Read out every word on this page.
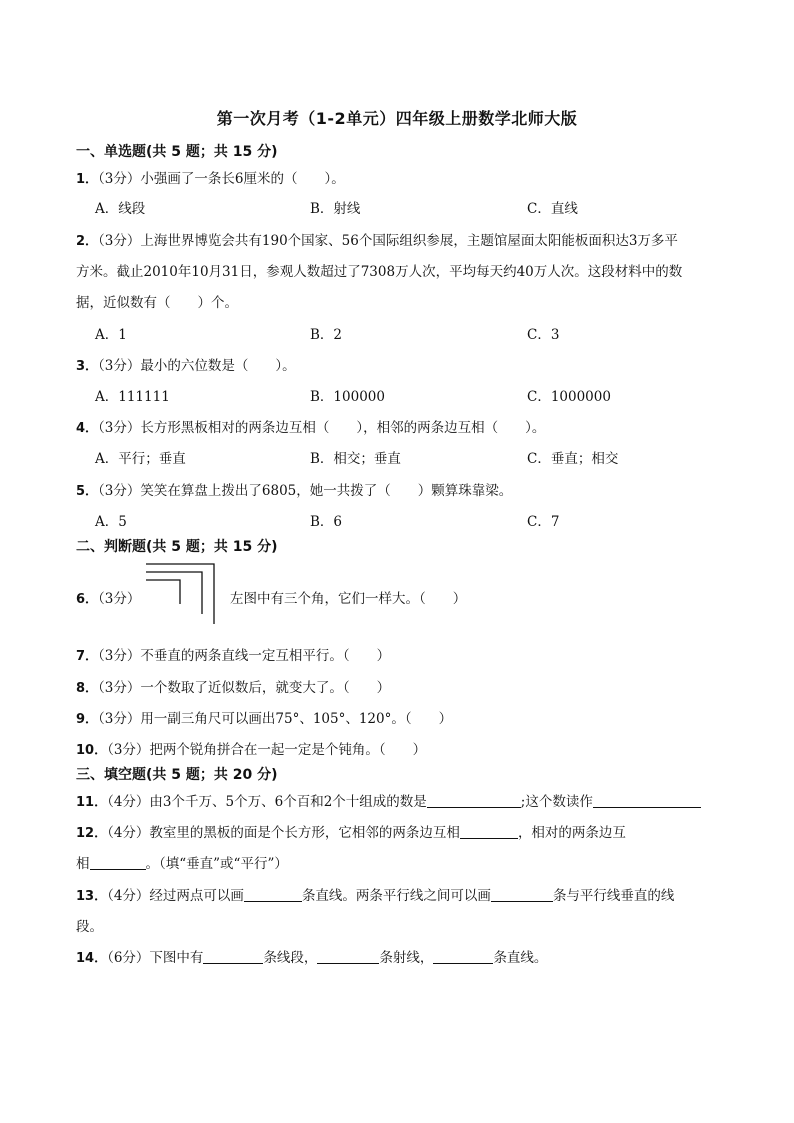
第一次月考（1-2单元）四年级上册数学北师大版
一、单选题(共 5 题；共 15 分)
1．（3分）小强画了一条长6厘米的（　　）。
A．线段	B．射线	C．直线
2．（3分）上海世界博览会共有190个国家、56个国际组织参展，主题馆屋面太阳能板面积达3万多平
方米。截止2010年10月31日，参观人数超过了7308万人次，平均每天约40万人次。这段材料中的数
据，近似数有（　　）个。
A．1	B．2	C．3
3．（3分）最小的六位数是（　　）。
A．111111	B．100000	C．1000000
4．（3分）长方形黑板相对的两条边互相（　　），相邻的两条边互相（　　）。
A．平行；垂直	B．相交；垂直	C．垂直；相交
5．（3分）笑笑在算盘上拨出了6805，她一共拨了（　　）颗算珠靠梁。
A．5	B．6	C．7
二、判断题(共 5 题；共 15 分)
6．（3分）	左图中有三个角，它们一样大。（　　）
7．（3分）不垂直的两条直线一定互相平行。（　　）
8．（3分）一个数取了近似数后，就变大了。（　　）
9．（3分）用一副三角尺可以画出75°、105°、120°。（　　）
10．（3分）把两个锐角拼合在一起一定是个钝角。（　　）
三、填空题(共 5 题；共 20 分)
11．（4分）由3个千万、5个万、6个百和2个十组成的数是	;这个数读作
12．（4分）教室里的黑板的面是个长方形，它相邻的两条边互相	，相对的两条边互
相	。（填“垂直”或“平行”）
13．（4分）经过两点可以画	条直线。两条平行线之间可以画	条与平行线垂直的线
段。
14．（6分）下图中有	条线段，	条射线，	条直线。
